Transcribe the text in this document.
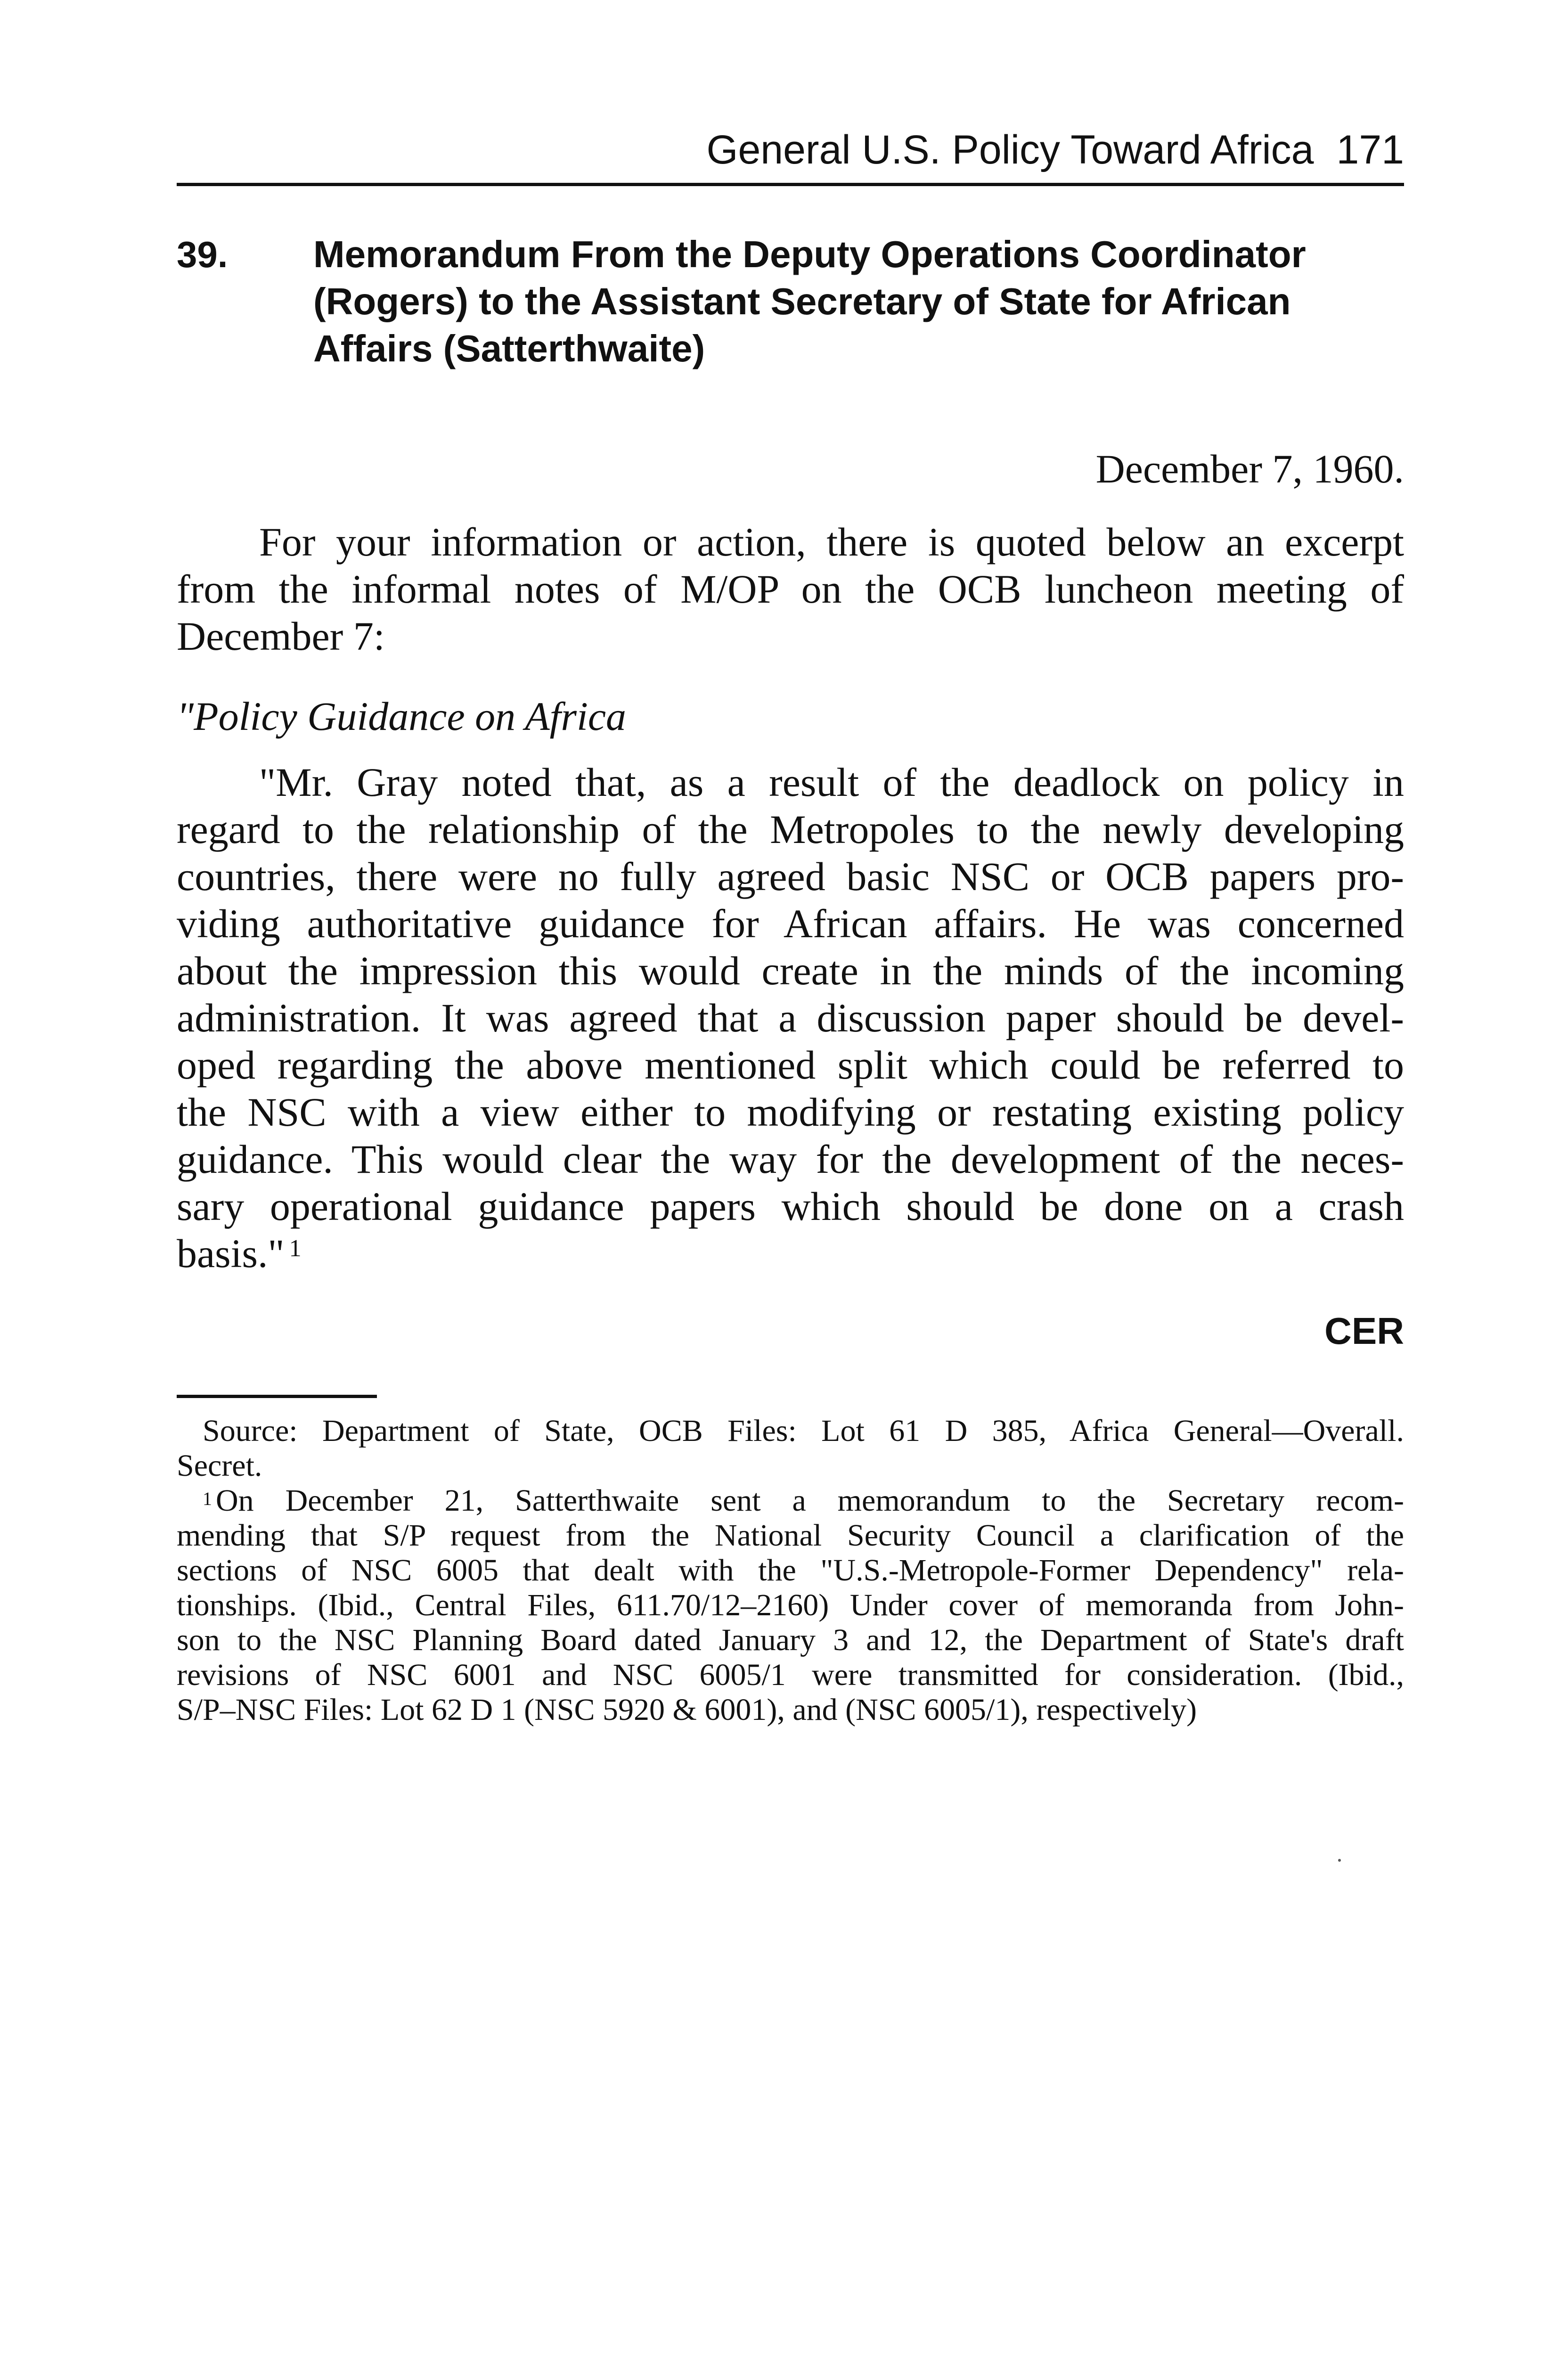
General U.S. Policy Toward Africa 171
39. Memorandum From the Deputy Operations Coordinator
(Rogers) to the Assistant Secretary of State for African
Affairs (Satterthwaite)
December 7, 1960.
For your information or action, there is quoted below an excerpt
from the informal notes of M/OP on the OCB luncheon meeting of
December 7:
"Policy Guidance on Africa
"Mr. Gray noted that, as a result of the deadlock on policy in
regard to the relationship of the Metropoles to the newly developing
countries, there were no fully agreed basic NSC or OCB papers pro-
viding authoritative guidance for African affairs. He was concerned
about the impression this would create in the minds of the incoming
administration. It was agreed that a discussion paper should be devel-
oped regarding the above mentioned split which could be referred to
the NSC with a view either to modifying or restating existing policy
guidance. This would clear the way for the development of the neces-
sary operational guidance papers which should be done on a crash
basis." $^1$
CER
Source: Department of State, OCB Files: Lot 61 D 385, Africa General—Overall.
Secret.
$^1$ On December 21, Satterthwaite sent a memorandum to the Secretary recom-
mending that S/P request from the National Security Council a clarification of the
sections of NSC 6005 that dealt with the "U.S.-Metropole-Former Dependency" rela-
tionships. (Ibid., Central Files, 611.70/12–2160) Under cover of memoranda from John-
son to the NSC Planning Board dated January 3 and 12, the Department of State's draft
revisions of NSC 6001 and NSC 6005/1 were transmitted for consideration. (Ibid.,
S/P–NSC Files: Lot 62 D 1 (NSC 5920 & 6001), and (NSC 6005/1), respectively)
